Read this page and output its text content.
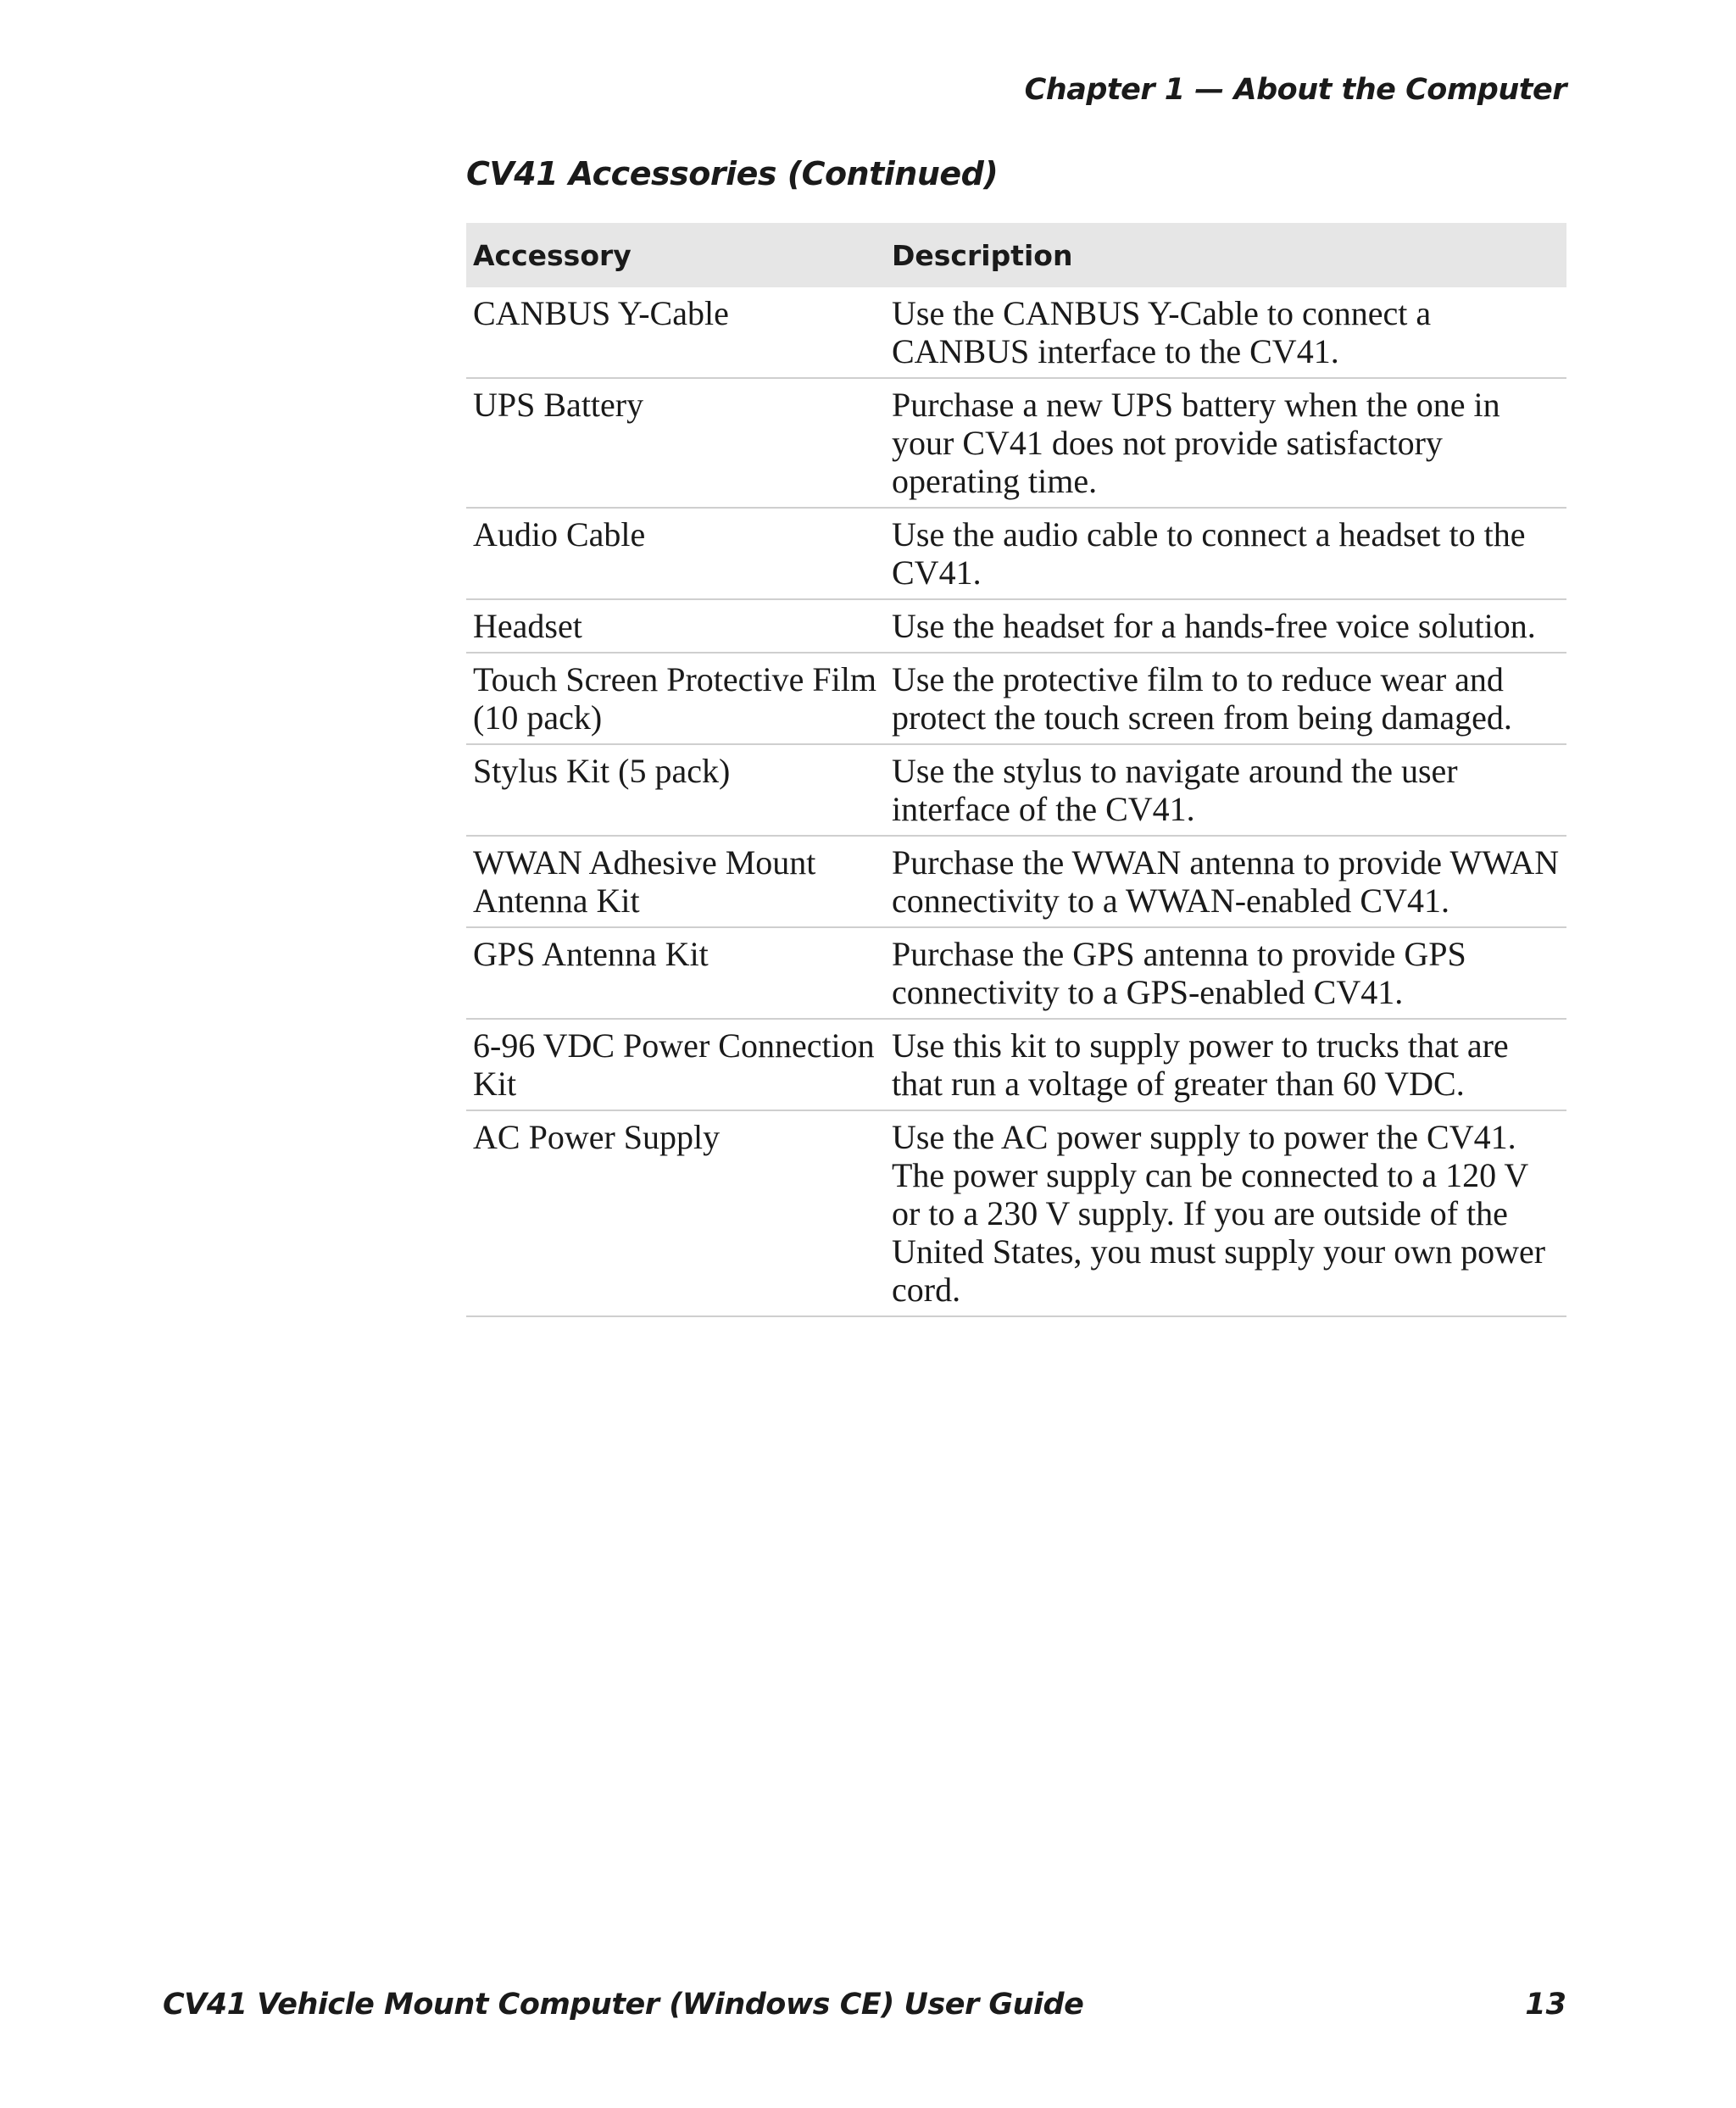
Chapter 1 — About the Computer
CV41 Accessories (Continued)
Accessory	Description
CANBUS Y-Cable	Use the CANBUS Y-Cable to connect a CANBUS interface to the CV41.
UPS Battery	Purchase a new UPS battery when the one in your CV41 does not provide satisfactory operating time.
Audio Cable	Use the audio cable to connect a headset to the CV41.
Headset	Use the headset for a hands-free voice solution.
Touch Screen Protective Film (10 pack)	Use the protective film to to reduce wear and protect the touch screen from being damaged.
Stylus Kit (5 pack)	Use the stylus to navigate around the user interface of the CV41.
WWAN Adhesive Mount Antenna Kit	Purchase the WWAN antenna to provide WWAN connectivity to a WWAN-enabled CV41.
GPS Antenna Kit	Purchase the GPS antenna to provide GPS connectivity to a GPS-enabled CV41.
6-96 VDC Power Connection Kit	Use this kit to supply power to trucks that are that run a voltage of greater than 60 VDC.
AC Power Supply	Use the AC power supply to power the CV41. The power supply can be connected to a 120 V or to a 230 V supply. If you are outside of the United States, you must supply your own power cord.
CV41 Vehicle Mount Computer (Windows CE) User Guide	13
